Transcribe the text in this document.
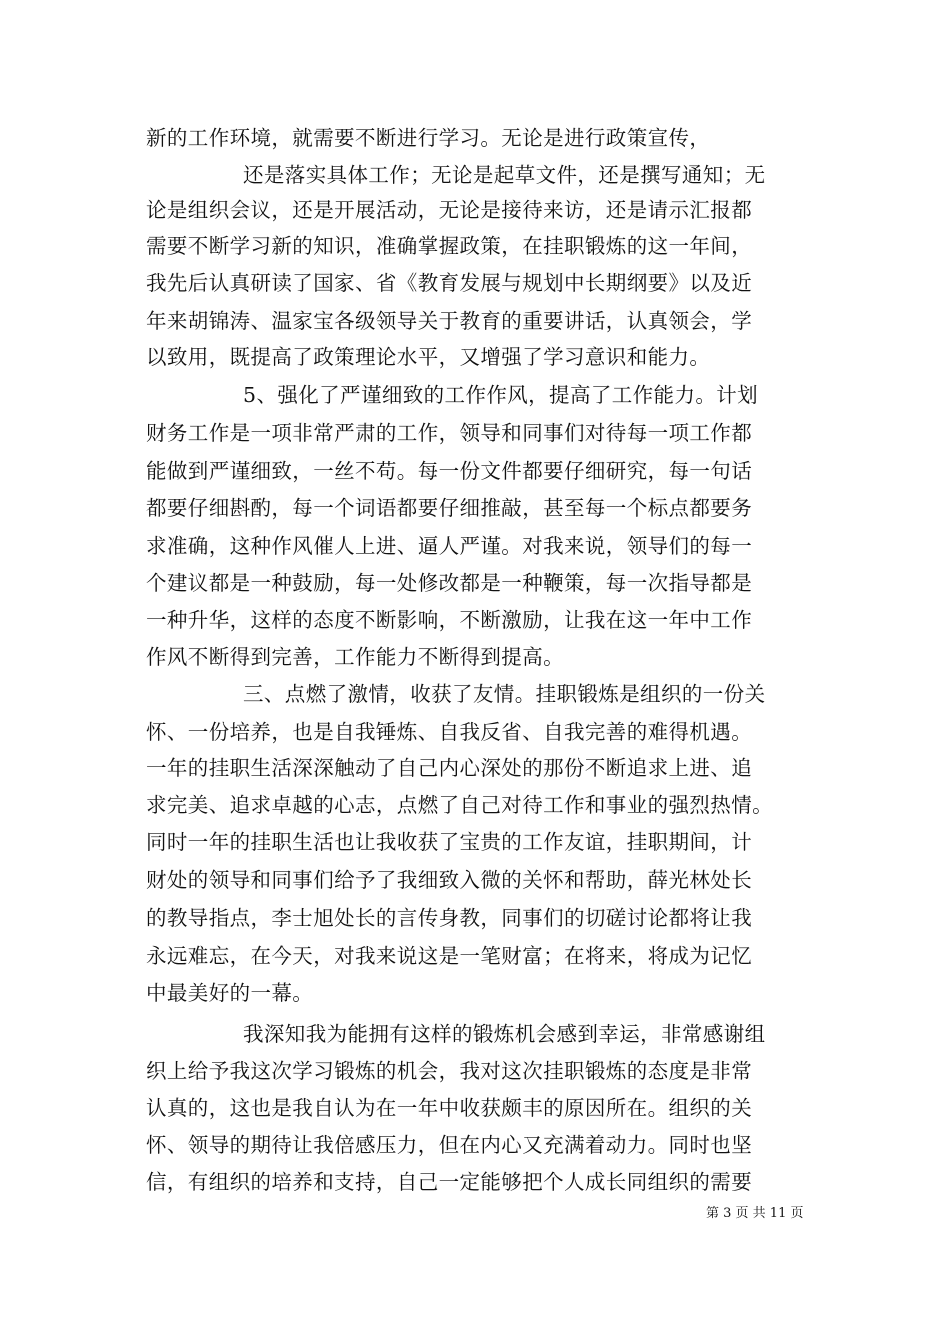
新的工作环境，就需要不断进行学习。无论是进行政策宣传，
还是落实具体工作；无论是起草文件，还是撰写通知；无
论是组织会议，还是开展活动，无论是接待来访，还是请示汇报都
需要不断学习新的知识，准确掌握政策，在挂职锻炼的这一年间，
我先后认真研读了国家、省《教育发展与规划中长期纲要》以及近
年来胡锦涛、温家宝各级领导关于教育的重要讲话，认真领会，学
以致用，既提高了政策理论水平，又增强了学习意识和能力。
5、强化了严谨细致的工作作风，提高了工作能力。计划
财务工作是一项非常严肃的工作，领导和同事们对待每一项工作都
能做到严谨细致，一丝不苟。每一份文件都要仔细研究，每一句话
都要仔细斟酌，每一个词语都要仔细推敲，甚至每一个标点都要务
求准确，这种作风催人上进、逼人严谨。对我来说，领导们的每一
个建议都是一种鼓励，每一处修改都是一种鞭策，每一次指导都是
一种升华，这样的态度不断影响，不断激励，让我在这一年中工作
作风不断得到完善，工作能力不断得到提高。
三、点燃了激情，收获了友情。挂职锻炼是组织的一份关
怀、一份培养，也是自我锤炼、自我反省、自我完善的难得机遇。
一年的挂职生活深深触动了自己内心深处的那份不断追求上进、追
求完美、追求卓越的心志，点燃了自己对待工作和事业的强烈热情。
同时一年的挂职生活也让我收获了宝贵的工作友谊，挂职期间，计
财处的领导和同事们给予了我细致入微的关怀和帮助，薛光林处长
的教导指点，李士旭处长的言传身教，同事们的切磋讨论都将让我
永远难忘，在今天，对我来说这是一笔财富；在将来，将成为记忆
中最美好的一幕。
我深知我为能拥有这样的锻炼机会感到幸运，非常感谢组
织上给予我这次学习锻炼的机会，我对这次挂职锻炼的态度是非常
认真的，这也是我自认为在一年中收获颇丰的原因所在。组织的关
怀、领导的期待让我倍感压力，但在内心又充满着动力。同时也坚
信，有组织的培养和支持，自己一定能够把个人成长同组织的需要
第 3 页 共 11 页
